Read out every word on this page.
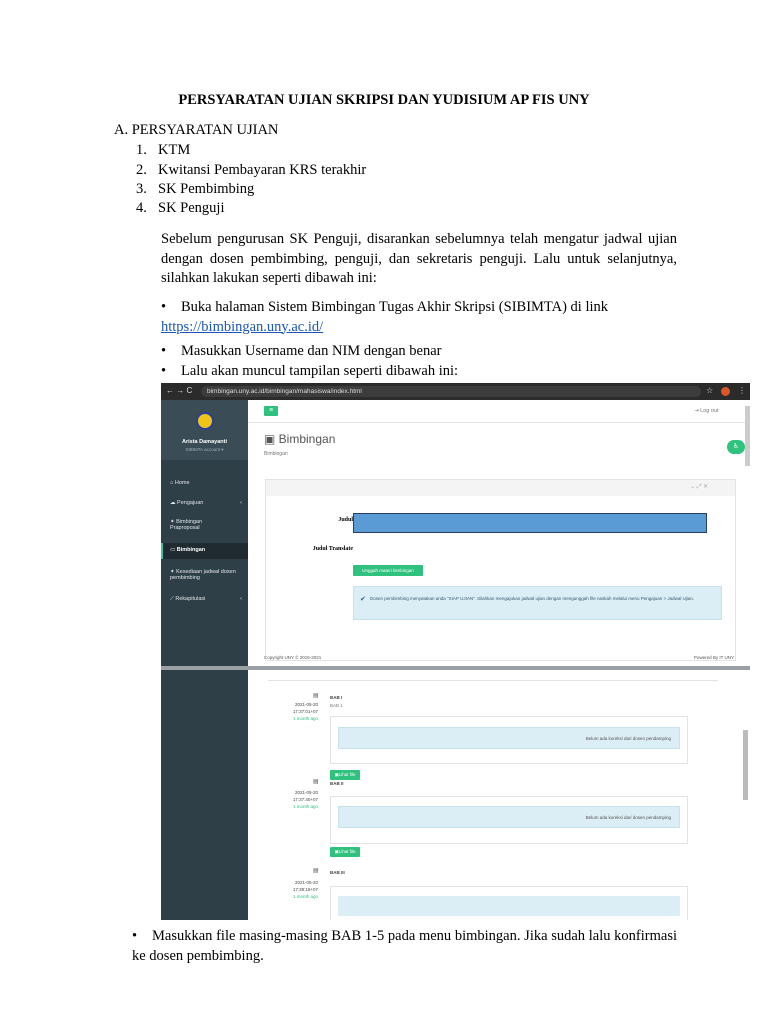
PERSYARATAN UJIAN SKRIPSI DAN YUDISIUM AP FIS UNY
A. PERSYARATAN UJIAN
1. KTM
2. Kwitansi Pembayaran KRS terakhir
3. SK Pembimbing
4. SK Penguji
Sebelum pengurusan SK Penguji, disarankan sebelumnya telah mengatur jadwal ujian dengan dosen pembimbing, penguji, dan sekretaris penguji. Lalu untuk selanjutnya, silahkan lakukan seperti dibawah ini:
• Buka halaman Sistem Bimbingan Tugas Akhir Skripsi (SIBIMTA) di link
https://bimbingan.uny.ac.id/
• Masukkan Username dan NIM dengan benar
• Lalu akan muncul tampilan seperti dibawah ini:
← → C	bimbingan.uny.ac.id/bimbingan/mahasiswa/index.html	☆	⋮
Arista Damayanti
SIBIMTA account ▾
⌂ Home
☁ Pengajuan	‹
✦ Bimbingan Praproposal
▭ Bimbingan
✦ Kesediaan jadwal dosen pembimbing
⟋ Rekapitulasi	‹
≡	⇥ Log out
▣ Bimbingan
Bimbingan
♿
⌄ ⤢ ✕
Judul
Judul Translate
Unggah materi bimbingan
✔ Dosen pembimbing menyatakan anda "SIAP UJIAN". Silahkan mengajukan jadwal ujian dengan mengunggah file naskah melalui menu Pengajuan > Jadwal Ujian.
Copyright UNY © 2015-2021	Powered By IT UNY
▤
2021-05-20
17:37:01+07
1 month ago
BAB I
BAB 1
Belum ada koreksi dari dosen pendamping
▣Lihat file
▤
2021-05-20
17:37:40+07
1 month ago
BAB II
Belum ada koreksi dari dosen pendamping
▣Lihat file
▤
2021-05-20
17:38:15+07
1 month ago
BAB III
• Masukkan file masing-masing BAB 1-5 pada menu bimbingan. Jika sudah lalu konfirmasi ke dosen pembimbing.
